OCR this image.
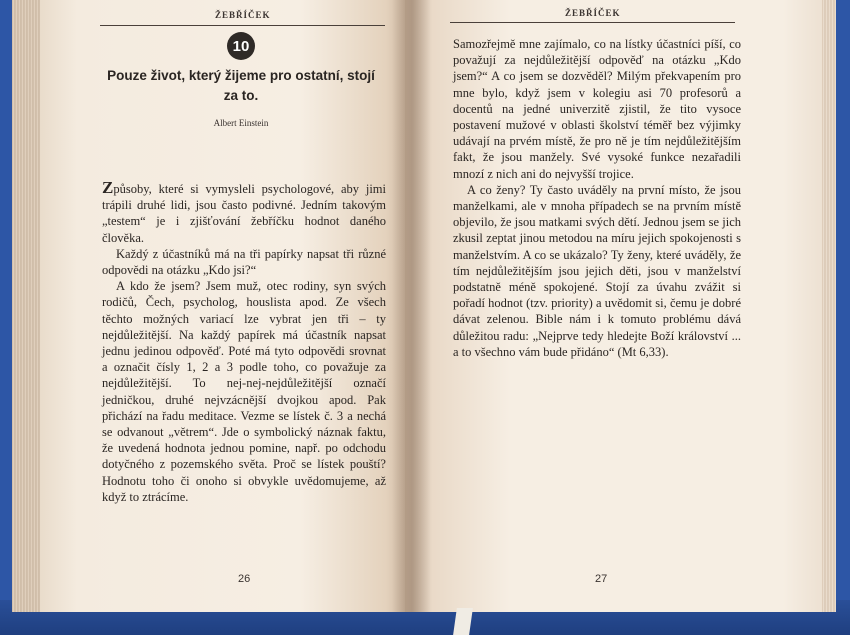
ŽEBŘÍČEK
10
Pouze život, který žijeme pro ostatní, stojí za to.
Albert Einstein

Způsoby, které si vymysleli psychologové, aby jimi trápili druhé lidi, jsou často podivné. Jedním takovým „testem“ je i zjišťování žebříčku hodnot daného člověka.

Každý z účastníků má na tři papírky napsat tři různé odpovědi na otázku „Kdo jsi?“

A kdo že jsem? Jsem muž, otec rodiny, syn svých rodičů, Čech, psycholog, houslista apod. Ze všech těchto možných variací lze vybrat jen tři – ty nejdůležitější. Na každý papírek má účastník napsat jednu jedinou odpověď. Poté má tyto odpovědi srovnat a označit čísly 1, 2 a 3 podle toho, co považuje za nejdůležitější. To nej-nej-nejdůležitější označí jedničkou, druhé nejvzácnější dvojkou apod. Pak přichází na řadu meditace. Vezme se lístek č. 3 a nechá se odvanout „větrem“. Jde o symbolický náznak faktu, že uvedená hodnota jednou pomine, např. po odchodu dotyčného z pozemského světa. Proč se lístek pouští? Hodnotu toho či onoho si obvykle uvědomujeme, až když to ztrácíme.

26
ŽEBŘÍČEK

Samozřejmě mne zajímalo, co na lístky účastníci píší, co považují za nejdůležitější odpověď na otázku „Kdo jsem?“ A co jsem se dozvěděl? Milým překvapením pro mne bylo, když jsem v kolegiu asi 70 profesorů a docentů na jedné univerzitě zjistil, že tito vysoce postavení mužové v oblasti školství téměř bez výjimky udávají na prvém místě, že pro ně je tím nejdůležitějším fakt, že jsou manžely. Své vysoké funkce nezařadili mnozí z nich ani do nejvyšší trojice.

A co ženy? Ty často uváděly na první místo, že jsou manželkami, ale v mnoha případech se na prvním místě objevilo, že jsou matkami svých dětí. Jednou jsem se jich zkusil zeptat jinou metodou na míru jejich spokojenosti s manželstvím. A co se ukázalo? Ty ženy, které uváděly, že tím nejdůležitějším jsou jejich děti, jsou v manželství podstatně méně spokojené. Stojí za úvahu zvážit si pořadí hodnot (tzv. priority) a uvědomit si, čemu je dobré dávat zelenou. Bible nám i k tomuto problému dává důležitou radu: „Nejprve tedy hledejte Boží království ... a to všechno vám bude přidáno“ (Mt 6,33).

27
